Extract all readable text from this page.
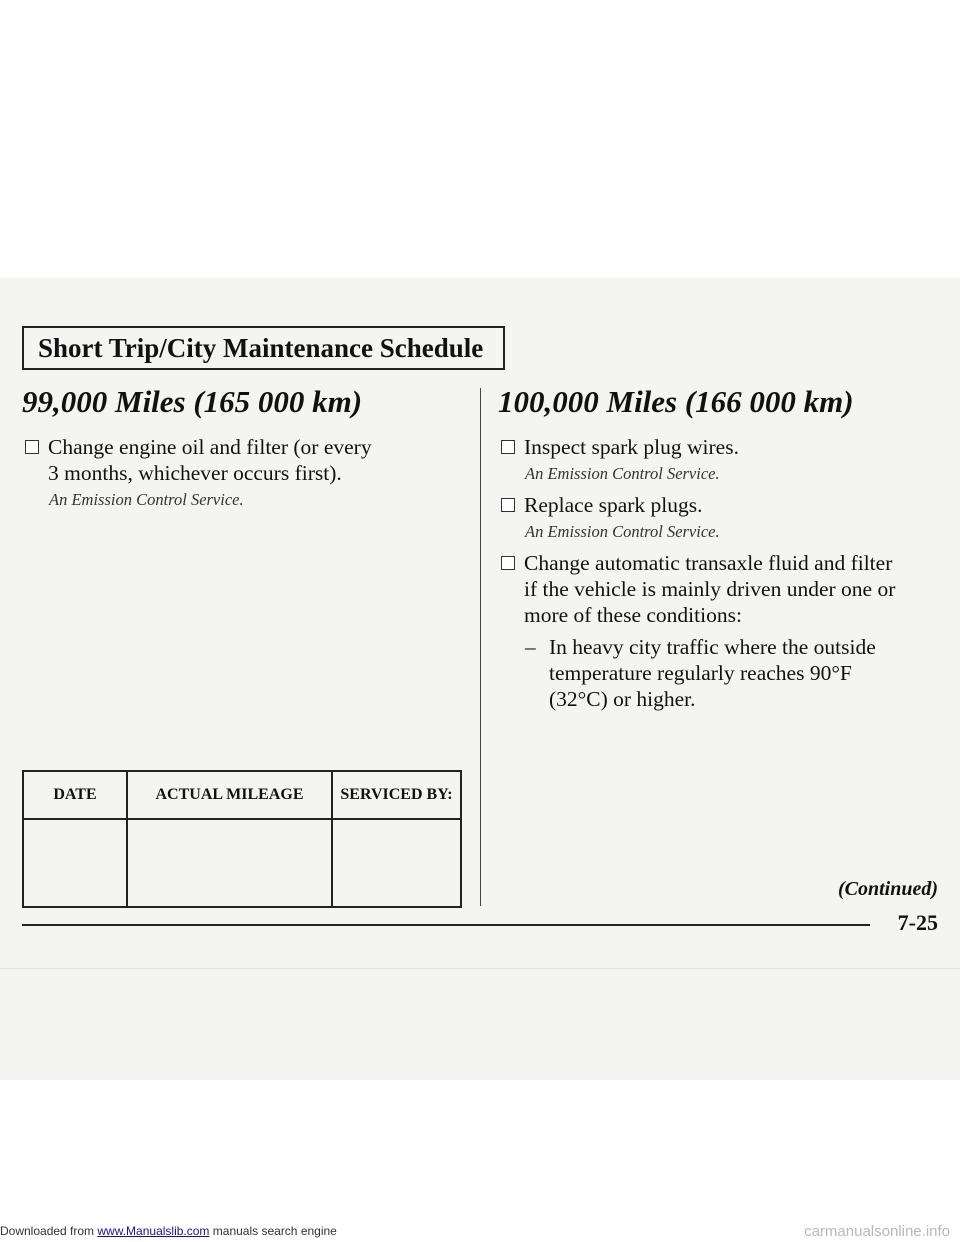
Short Trip/City Maintenance Schedule
99,000 Miles (165 000 km)
Change engine oil and filter (or every
3 months, whichever occurs first).
An Emission Control Service.
100,000 Miles (166 000 km)
Inspect spark plug wires.
An Emission Control Service.
Replace spark plugs.
An Emission Control Service.
Change automatic transaxle fluid and filter
if the vehicle is mainly driven under one or
more of these conditions:
– In heavy city traffic where the outside
temperature regularly reaches 90°F
(32°C) or higher.
DATE	ACTUAL MILEAGE	SERVICED BY:
(Continued)
7-25
Downloaded from www.Manualslib.com manuals search engine	carmanualsonline.info
